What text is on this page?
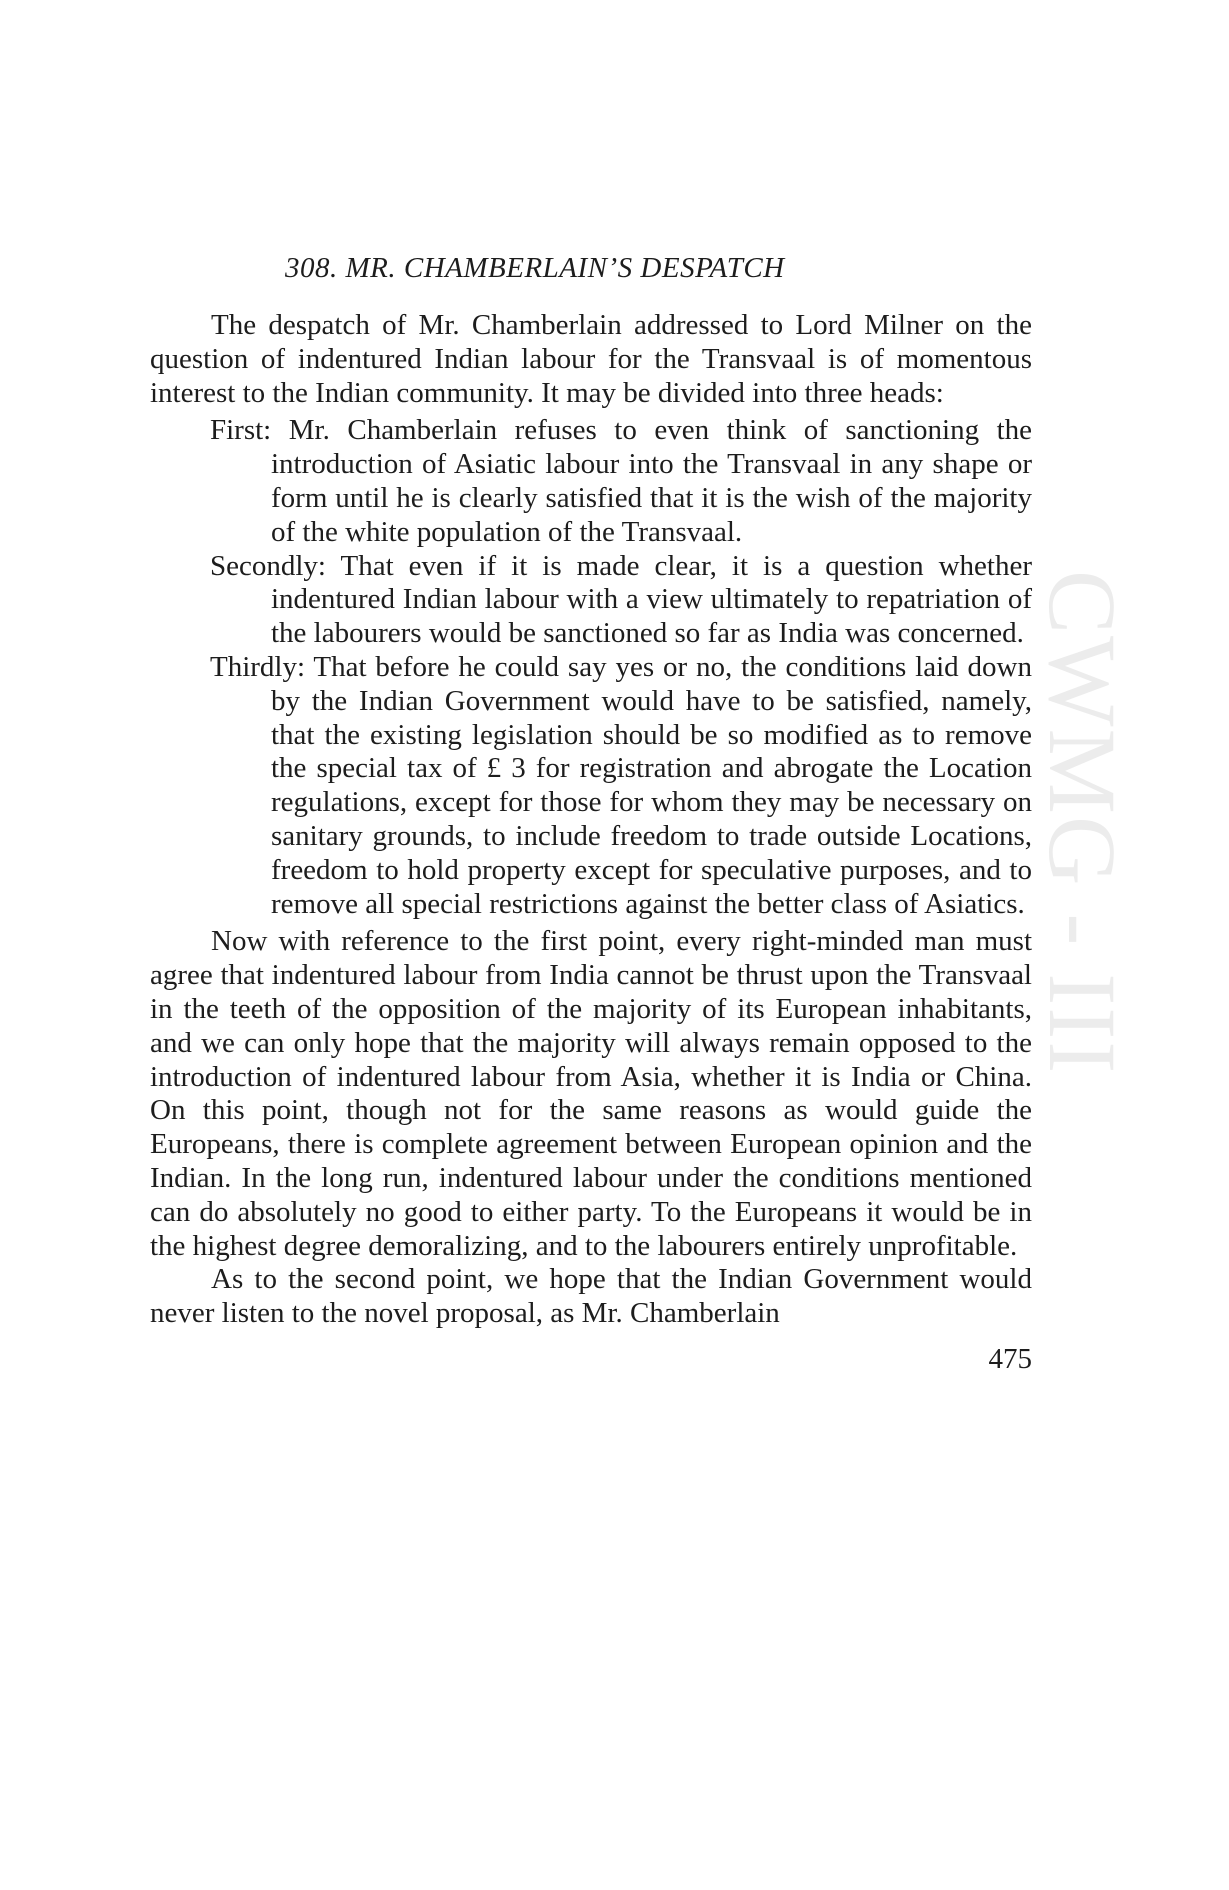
CWMG - III
308. MR. CHAMBERLAIN’S DESPATCH

The despatch of Mr. Chamberlain addressed to Lord Milner on the question of indentured Indian labour for the Transvaal is of momentous interest to the Indian community. It may be divided into three heads:

First: Mr. Chamberlain refuses to even think of sanctioning the introduction of Asiatic labour into the Transvaal in any shape or form until he is clearly satisfied that it is the wish of the majority of the white population of the Transvaal.
Secondly: That even if it is made clear, it is a question whether indentured Indian labour with a view ultimately to repatriation of the labourers would be sanctioned so far as India was concerned.
Thirdly: That before he could say yes or no, the conditions laid down by the Indian Government would have to be satisfied, namely, that the existing legislation should be so modified as to remove the special tax of £ 3 for registration and abrogate the Location regulations, except for those for whom they may be necessary on sanitary grounds, to include freedom to trade outside Locations, freedom to hold property except for speculative purposes, and to remove all special restrictions against the better class of Asiatics.

Now with reference to the first point, every right-minded man must agree that indentured labour from India cannot be thrust upon the Transvaal in the teeth of the opposition of the majority of its European inhabitants, and we can only hope that the majority will always remain opposed to the introduction of indentured labour from Asia, whether it is India or China. On this point, though not for the same reasons as would guide the Europeans, there is complete agreement between European opinion and the Indian. In the long run, indentured labour under the conditions mentioned can do absolutely no good to either party. To the Europeans it would be in the highest degree demoralizing, and to the labourers entirely unprofitable.

As to the second point, we hope that the Indian Government would never listen to the novel proposal, as Mr. Chamberlain

475
